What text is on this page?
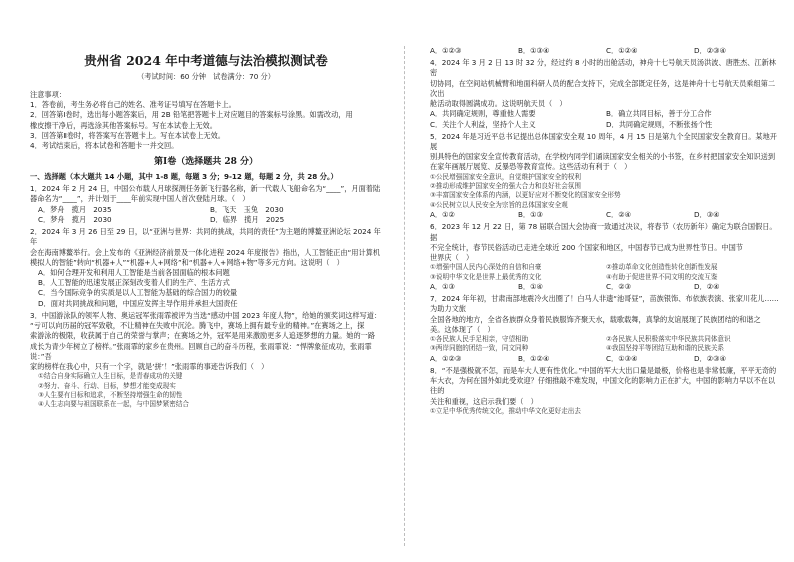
贵州省 2024 年中考道德与法治模拟测试卷
（考试时间：60 分钟　试卷满分：70 分）
注意事项：

1．答卷前，考生务必将自己的姓名、准考证号填写在答题卡上。

2．回答第Ⅰ卷时，选出每小题答案后，用 2B 铅笔把答题卡上对应题目的答案标号涂黑。如需改动，用

橡皮擦干净后，再选涂其他答案标号。写在本试卷上无效。

3．回答第Ⅱ卷时，将答案写在答题卡上。写在本试卷上无效。

4．考试结束后，将本试卷和答题卡一并交回。

第Ⅰ卷（选择题共 28 分）

一、选择题（本大题共 14 小题，其中 1-8 题，每题 3 分；9-12 题，每题 2 分，共 28 分。）

1．2024 年 2 月 24 日，中国公布载人月球探测任务新飞行器名称，新一代载人飞船命名为“____”，月面着陆

器命名为“____”，并计划于____年前实现中国人首次登陆月球。（　）

A．梦舟　揽月　2035	B．飞天　玉兔　2030
C．梦舟　揽月　2030	D．临界　揽月　2025

2．2024 年 3 月 26 日至 29 日，以“亚洲与世界：共同的挑战，共同的责任”为主题的博鳌亚洲论坛 2024 年年

会在海南博鳌举行。会上发布的《亚洲经济前景及一体化进程 2024 年度报告》指出，人工智能正由“用计算机

模拟人的智能”转向“机器+人”“机器+人+网络”和“机器+人+网络+物”等多元方向。这说明（　）

A．如何合理开发和利用人工智能是当前各国面临的根本问题

B．人工智能的迅速发展正深刻改变着人们的生产、生活方式

C．当今国际竞争的实质是以人工智能为基础的综合国力的较量

D．面对共同挑战和问题，中国应发挥主导作用并承担大国责任

3．中国游泳队的领军人物、奥运冠军张雨霏被评为当选“感动中国 2023 年度人物”，给她的颁奖词这样写道：

“亏可以向历届的冠军致敬，不让精神在失败中沉沦。腾飞中，赛场上拥有最专业的精神。”在赛场之上，探

索游泳的极限，收获属于自己的荣誉与掌声；在赛场之外，冠军是用来激励更多人追逐梦想的力量。她的一路

成长为青少年树立了榜样。”张雨霏的家乡在贵州。回顾自己的奋斗历程，张雨霏说：“悍牌象征成功，张雨霏说：”吾

家的榜样在我心中，只有一个字，就是‘拼’！”张雨霏的事迹告诉我们（　）

①结合自身实际确立人生目标，是青春成功的关键

②努力、奋斗、行动、目标，梦想才能变成现实

③人生要有目标和追求，不断坚持增强生命的韧性

④人生志向要与祖国联系在一起，与中国梦紧密结合

A．①②③	B．①③④	C．①②④	D．②③④

4．2024 年 3 月 2 日 13 时 32 分，经过约 8 小时的出舱活动，神舟十七号航天员汤洪波、唐胜杰、江新林密

切协同，在空间站机械臂和地面科研人员的配合支持下，完成全部既定任务，这是神舟十七号航天员乘组第二次出

舱活动取得圆满成功。这说明航天员（　）

A．共同确定规则，尊重他人需要	B．确立共同目标，善于分工合作
C．关注个人利益，坚持个人主义	D．共同确定规则，不断张扬个性

5．2024 年是习近平总书记提出总体国家安全观 10 周年，4 月 15 日是第九个全民国家安全教育日。某地开展

别具特色的国家安全宣传教育活动，在学校内同学们诵读国家安全相关的小书签，在乡村把国家安全知识送到

在家年画展厅展览、反暴恐等教育宣传。这些活动有利于（　）

①公民增强国家安全意识，自觉维护国家安全的权利

②推动形成维护国家安全的强大合力和良好社会氛围

③丰富国家安全体系的内涵，以更好应对不断变化的国家安全形势

④公民树立以人民安全为宗旨的总体国家安全观

A．①②	B．①③	C．②④	D．③④

6．2023 年 12 月 22 日，第 78 届联合国大会协商一致通过决议，将春节（农历新年）确定为联合国假日。据

不完全统计，春节民俗活动已走进全球近 200 个国家和地区，中国春节已成为世界性节日。中国节

世界庆（　）

①增强中国人民内心深处的自信和自豪	②推动革命文化创造性转化创新性发展
③说明中华文化是世界上最优秀的文化	④有助于促进世界不同文明的交流互鉴
A．①③	B．①④	C．②③	D．②④

7．2024 年年初，甘肃南部地震冷火出圈了！白马人非遗“池哥昼”，苗族银饰、布依族表演、张家川花儿……为助力文旅

全国各地的地方，全省各族群众身着民族服饰齐聚天水，载歌载舞，真挚的友谊展现了民族团结的和谐之

美。这体现了（　）

①各民族人民手足相亲，守望相助	②各民族人民积极落实中华民族共同体意识
③两岸同胞的团结一致，同文同种	④我国坚持平等团结互助和谐的民族关系
A．①②③	B．①②④	C．①③④	D．②③④

8．“不是强极就不怎，而是车大人更有性优化。”中国的军大大出口量是最极，价格也是非常低廉，平平无奇的

车大衣，为何在国外如此受欢迎？仔细推敲不难发现，中国文化的影响力正在扩大，中国的影响力早以不在以往的

关注和重视，这启示我们要（　）

①立足中华优秀传统文化，推动中华文化更好走出去
